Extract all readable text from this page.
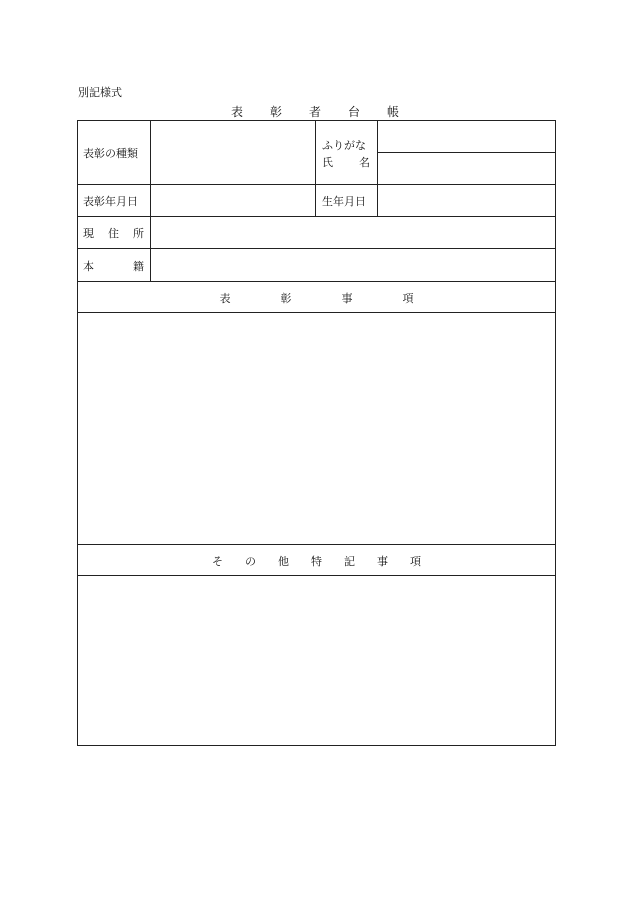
別記様式
表彰者台帳
表彰の種類
ふりがな
氏 名
表彰年月日	生年月日
現 住 所
本	籍
表彰事項
その他特記事項
